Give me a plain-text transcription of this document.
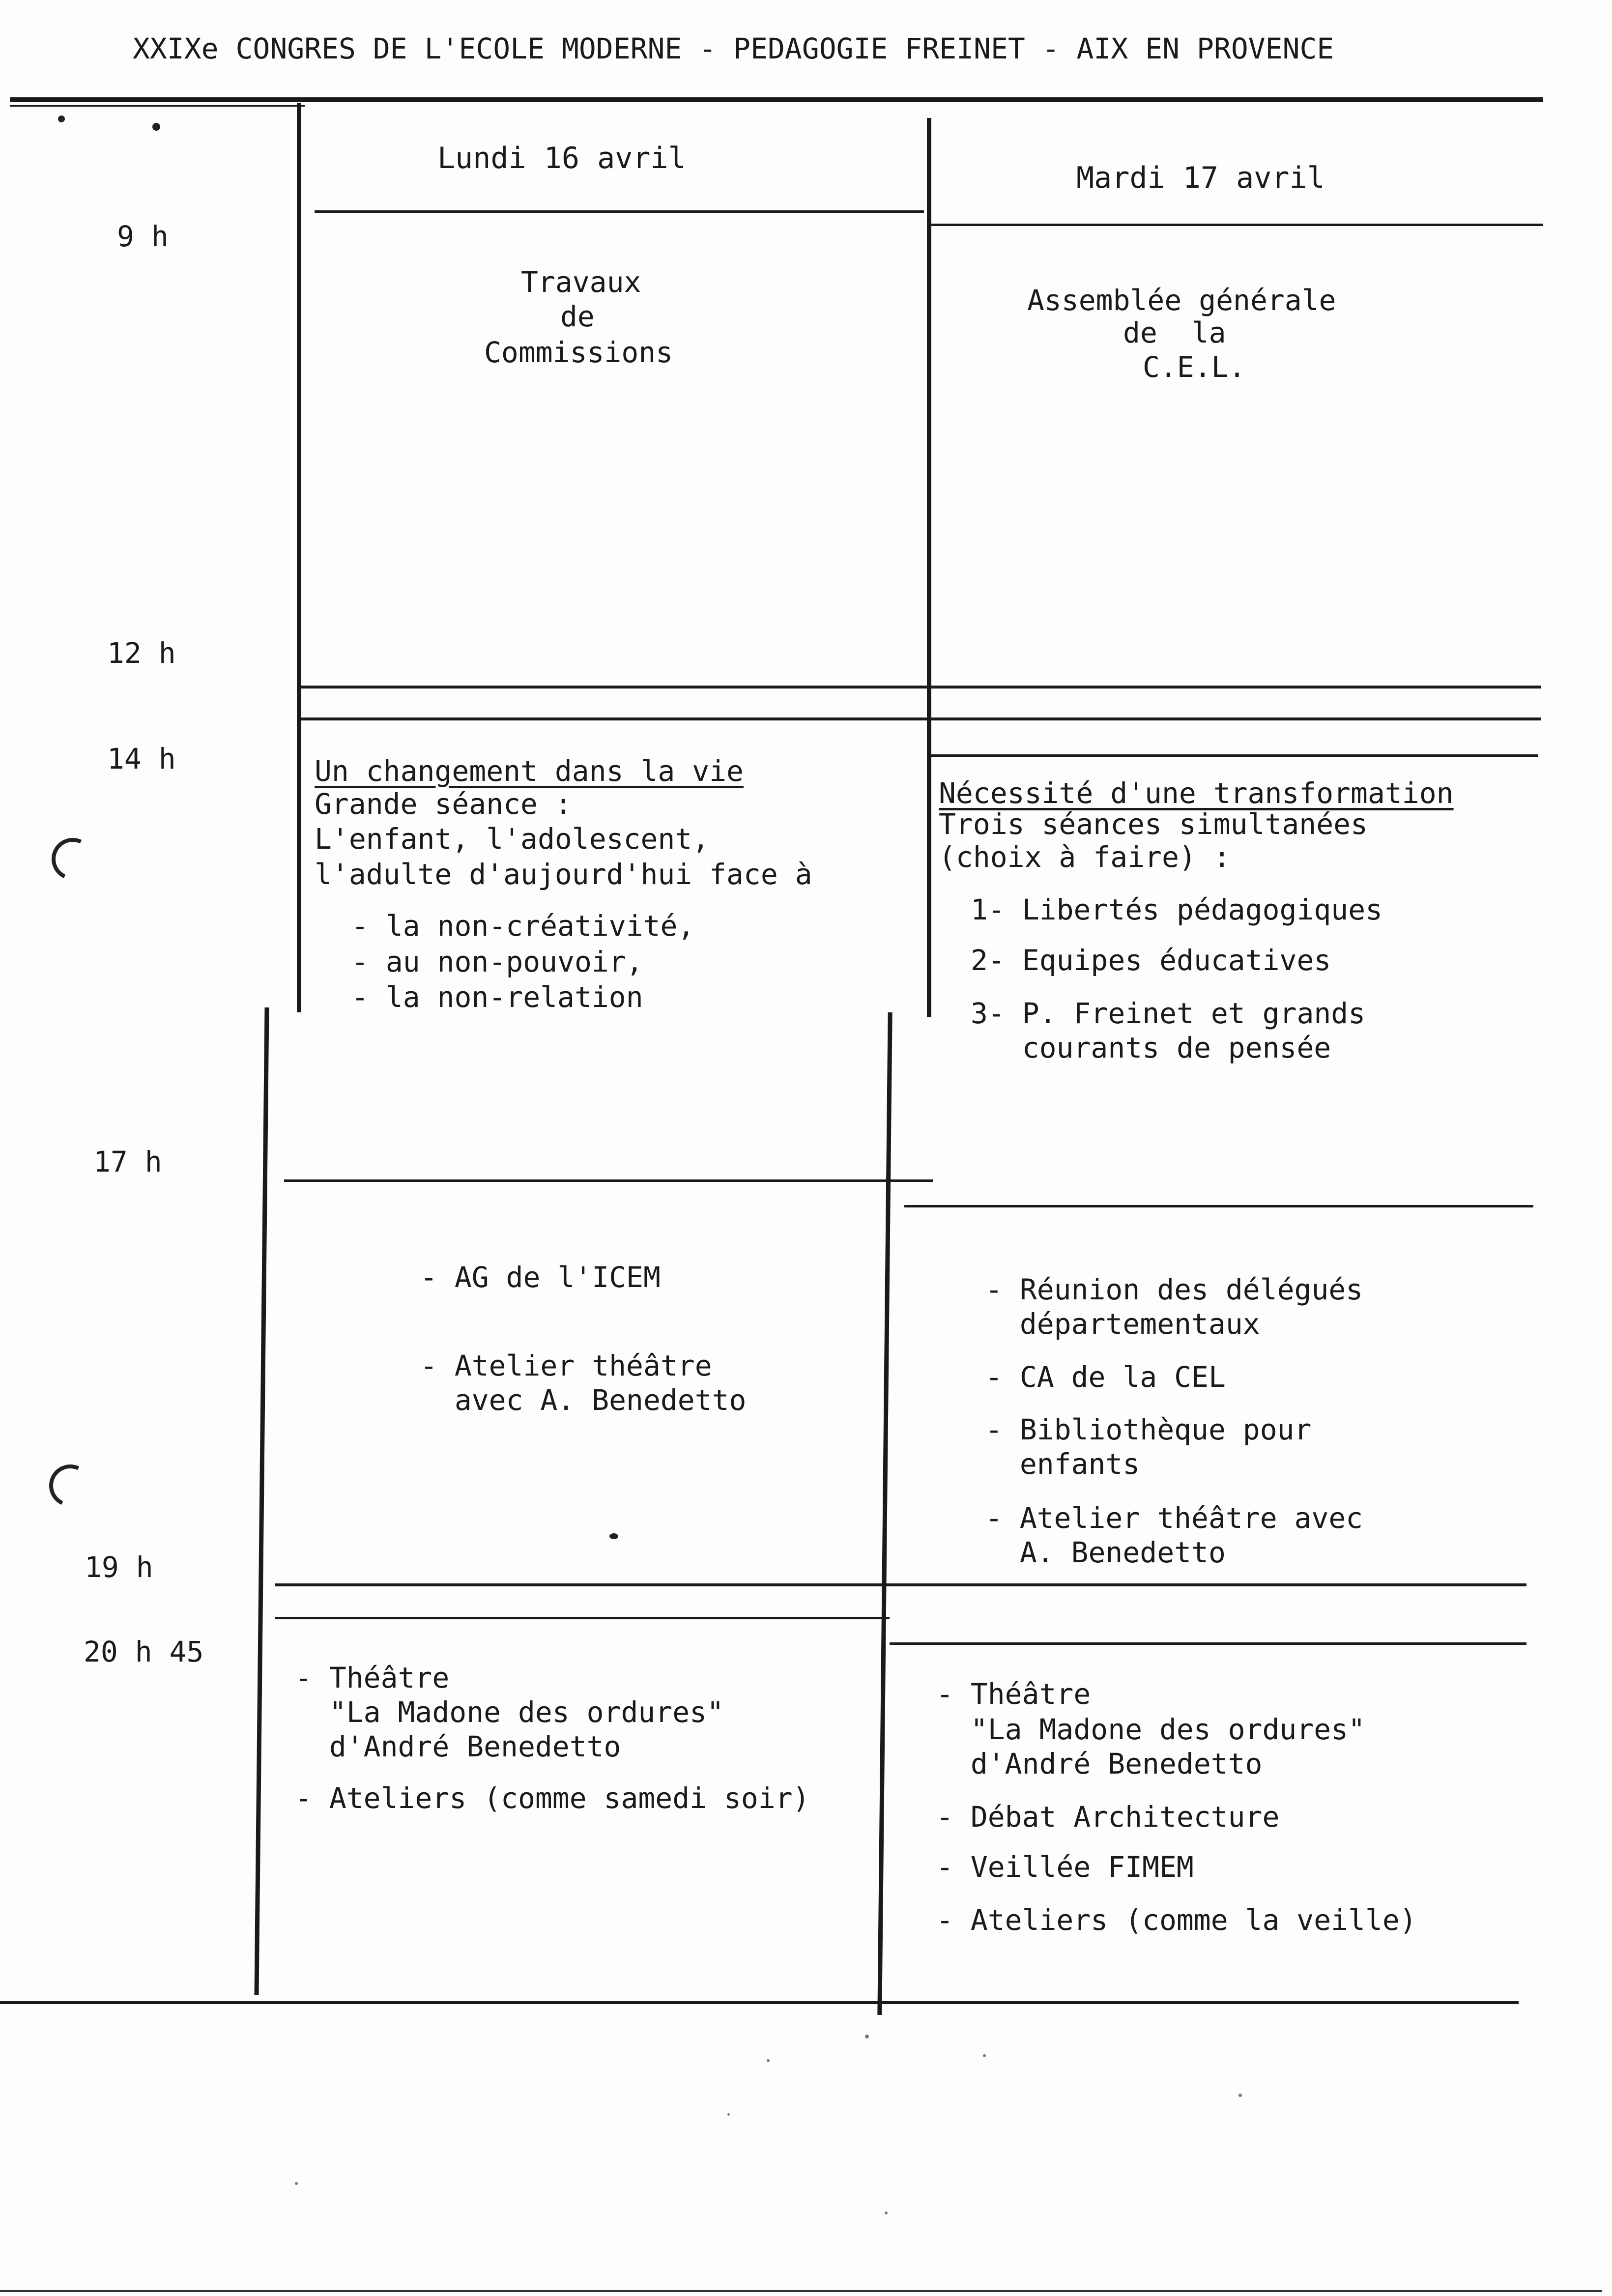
XXIXe CONGRES DE L'ECOLE MODERNE - PEDAGOGIE FREINET - AIX EN PROVENCE
Lundi 16 avril
Mardi 17 avril
9 h
12 h
14 h
17 h
19 h
20 h 45
Travaux
de
Commissions
Assemblée générale
de  la
C.E.L.
Un changement dans la vie
Grande séance :
L'enfant, l'adolescent,
l'adulte d'aujourd'hui face à
- la non-créativité,
- au non-pouvoir,
- la non-relation
Nécessité d'une transformation
Trois séances simultanées
(choix à faire) :
1- Libertés pédagogiques
2- Equipes éducatives
3- P. Freinet et grands
courants de pensée
- AG de l'ICEM
- Atelier théâtre
avec A. Benedetto
- Réunion des délégués
départementaux
- CA de la CEL
- Bibliothèque pour
enfants
- Atelier théâtre avec
A. Benedetto
- Théâtre
"La Madone des ordures"
d'André Benedetto
- Ateliers (comme samedi soir)
- Théâtre
"La Madone des ordures"
d'André Benedetto
- Débat Architecture
- Veillée FIMEM
- Ateliers (comme la veille)
